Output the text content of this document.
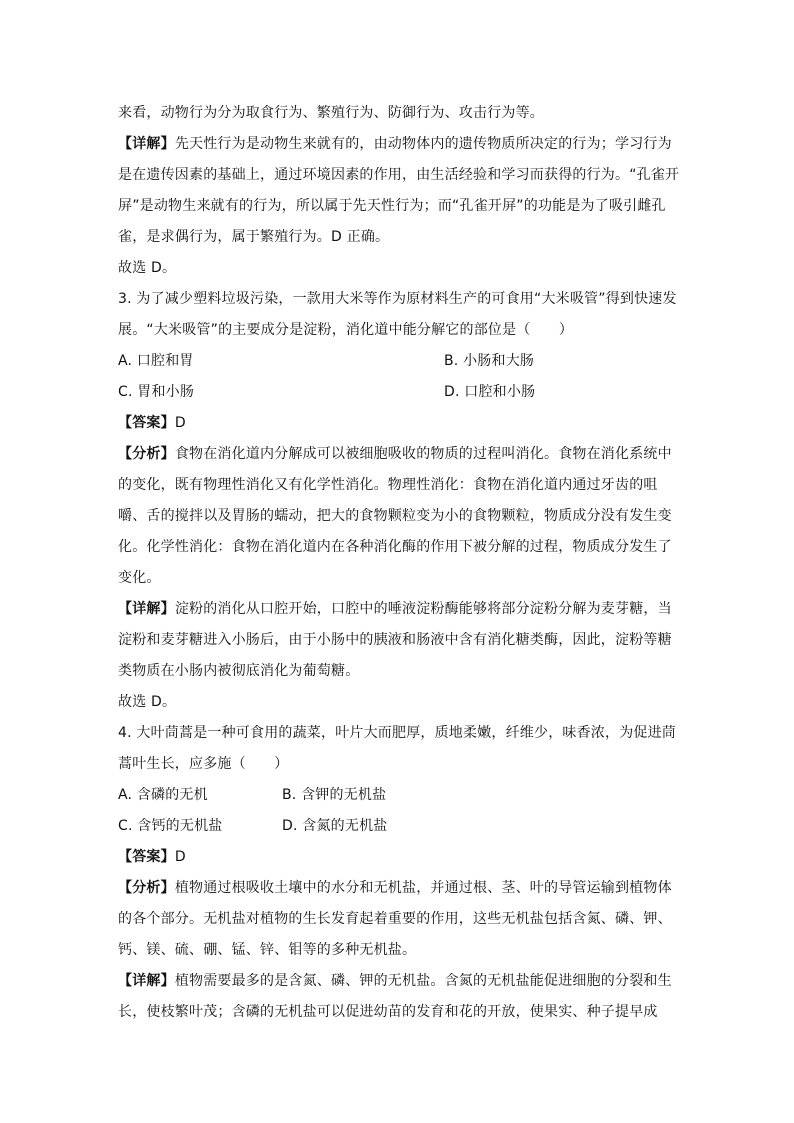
来看，动物行为分为取食行为、繁殖行为、防御行为、攻击行为等。
【详解】先天性行为是动物生来就有的，由动物体内的遗传物质所决定的行为；学习行为
是在遗传因素的基础上，通过环境因素的作用，由生活经验和学习而获得的行为。“孔雀开
屏”是动物生来就有的行为，所以属于先天性行为；而“孔雀开屏”的功能是为了吸引雌孔
雀，是求偶行为，属于繁殖行为。D 正确。
故选 D。
3. 为了减少塑料垃圾污染，一款用大米等作为原材料生产的可食用“大米吸管”得到快速发
展。“大米吸管”的主要成分是淀粉，消化道中能分解它的部位是（　　）
A. 口腔和胃	B. 小肠和大肠
C. 胃和小肠	D. 口腔和小肠
【答案】D
【分析】食物在消化道内分解成可以被细胞吸收的物质的过程叫消化。食物在消化系统中
的变化，既有物理性消化又有化学性消化。物理性消化：食物在消化道内通过牙齿的咀
嚼、舌的搅拌以及胃肠的蠕动，把大的食物颗粒变为小的食物颗粒，物质成分没有发生变
化。化学性消化：食物在消化道内在各种消化酶的作用下被分解的过程，物质成分发生了
变化。
【详解】淀粉的消化从口腔开始，口腔中的唾液淀粉酶能够将部分淀粉分解为麦芽糖，当
淀粉和麦芽糖进入小肠后，由于小肠中的胰液和肠液中含有消化糖类酶，因此，淀粉等糖
类物质在小肠内被彻底消化为葡萄糖。
故选 D。
4. 大叶茼蒿是一种可食用的蔬菜，叶片大而肥厚，质地柔嫩，纤维少，味香浓，为促进茼
蒿叶生长，应多施（　　）
A. 含磷的无机	B. 含钾的无机盐
C. 含钙的无机盐	D. 含氮的无机盐
【答案】D
【分析】植物通过根吸收土壤中的水分和无机盐，并通过根、茎、叶的导管运输到植物体
的各个部分。无机盐对植物的生长发育起着重要的作用，这些无机盐包括含氮、磷、钾、
钙、镁、硫、硼、锰、锌、钼等的多种无机盐。
【详解】植物需要最多的是含氮、磷、钾的无机盐。含氮的无机盐能促进细胞的分裂和生
长，使枝繁叶茂；含磷的无机盐可以促进幼苗的发育和花的开放，使果实、种子提早成
